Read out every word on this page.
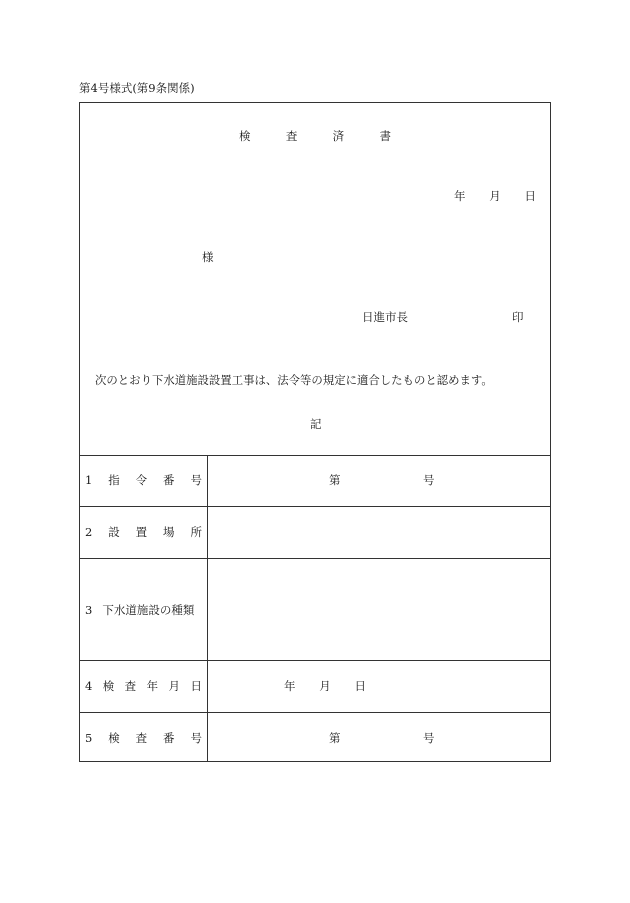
第4号様式(第9条関係)
検	査	済	書
年 月 日
様
日進市長	印
次のとおり下水道施設設置工事は、法令等の規定に適合したものと認めます。
記
1 指 令 番 号	第	号
2 設 置 場 所
3 下水道施設の種類
4 検 査 年 月 日	年 月 日
5 検 査 番 号	第	号
